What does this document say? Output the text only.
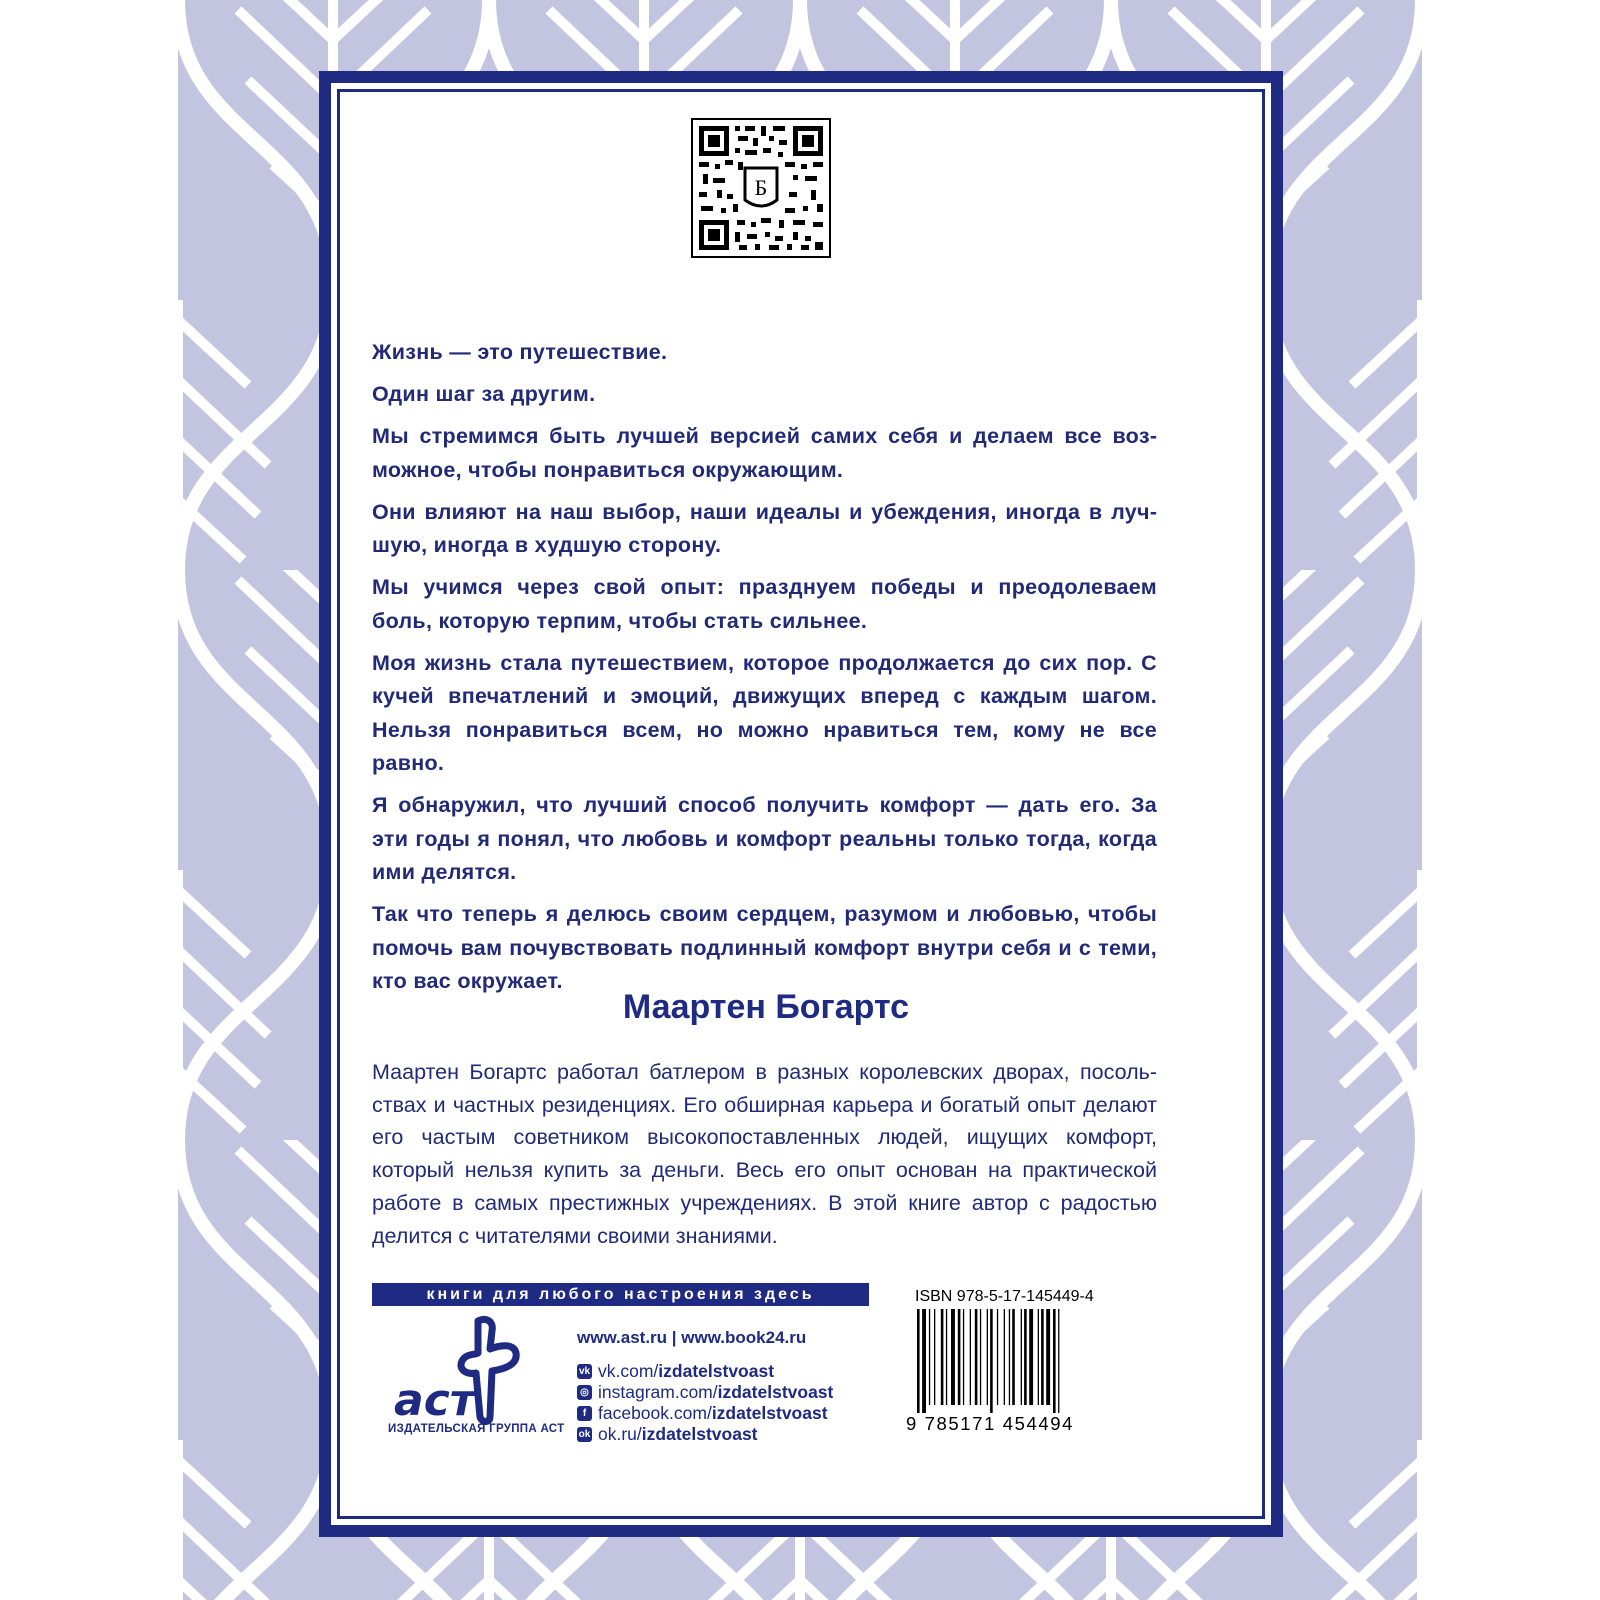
Б

Жизнь — это путешествие.

Один шаг за другим.

Мы стремимся быть лучшей версией самих себя и делаем все возможное, чтобы понравиться окружающим.

Они влияют на наш выбор, наши идеалы и убеждения, иногда в лучшую, иногда в худшую сторону.

Мы учимся через свой опыт: празднуем победы и преодолеваем боль, которую терпим, чтобы стать сильнее.

Моя жизнь стала путешествием, которое продолжается до сих пор. С кучей впечатлений и эмоций, движущих вперед с каждым шагом. Нельзя понравиться всем, но можно нравиться тем, кому не все равно.

Я обнаружил, что лучший способ получить комфорт — дать его. За эти годы я понял, что любовь и комфорт реальны только тогда, когда ими делятся.

Так что теперь я делюсь своим сердцем, разумом и любовью, чтобы помочь вам почувствовать подлинный комфорт внутри себя и с теми, кто вас окружает.

Маартен Богартс
Маартен Богартс работал батлером в разных королевских дворах, посольствах и частных резиденциях. Его обширная карьера и богатый опыт делают его частым советником высокопоставленных людей, ищущих комфорт, который нельзя купить за деньги. Весь его опыт основан на практической работе в самых престижных учреждениях. В этой книге автор с радостью делится с читателями своими знаниями.
книги для любого настроения здесь
аст
ИЗДАТЕЛЬСКАЯ ГРУППА АСТ
www.ast.ru | www.book24.ru
vk vk.com/ izdatelstvoast
◎ instagram.com/ izdatelstvoast
f facebook.com/ izdatelstvoast
ok ok.ru/ izdatelstvoast
ISBN 978-5-17-145449-4
9 785171 454494
